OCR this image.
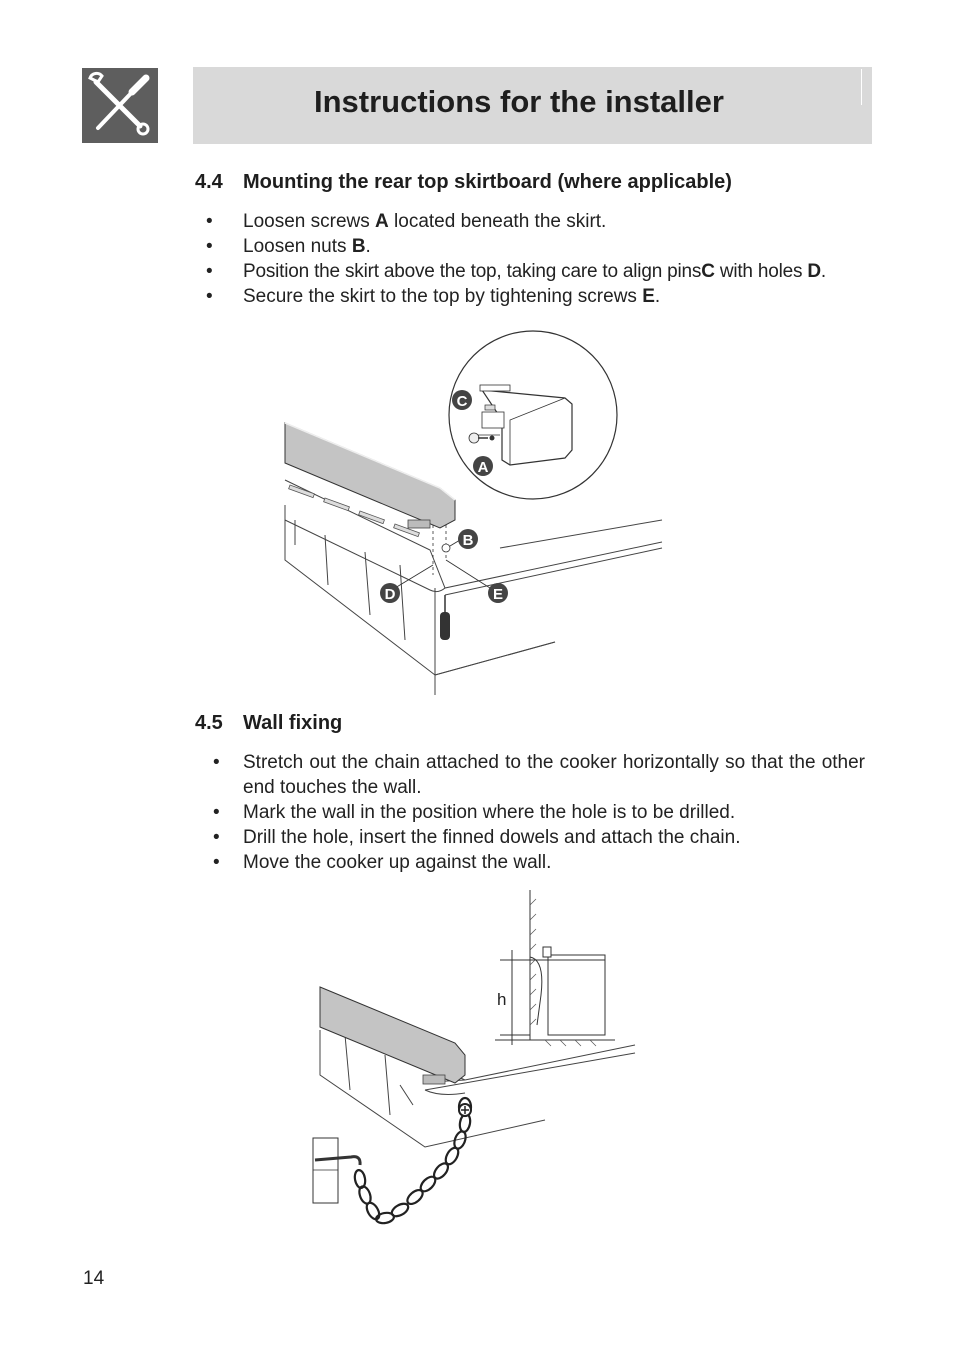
Instructions for the installer
4.4 Mounting the rear top skirtboard (where applicable)
• Loosen screws A located beneath the skirt.
• Loosen nuts B.
• Position the skirt above the top, taking care to align pinsC with holes D.
• Secure the skirt to the top by tightening screws E.
D
B
E
C
A
4.5 Wall fixing
• Stretch out the chain attached to the cooker horizontally so that the other end touches the wall.
• Mark the wall in the position where the hole is to be drilled.
• Drill the hole, insert the finned dowels and attach the chain.
• Move the cooker up against the wall.
h
14
